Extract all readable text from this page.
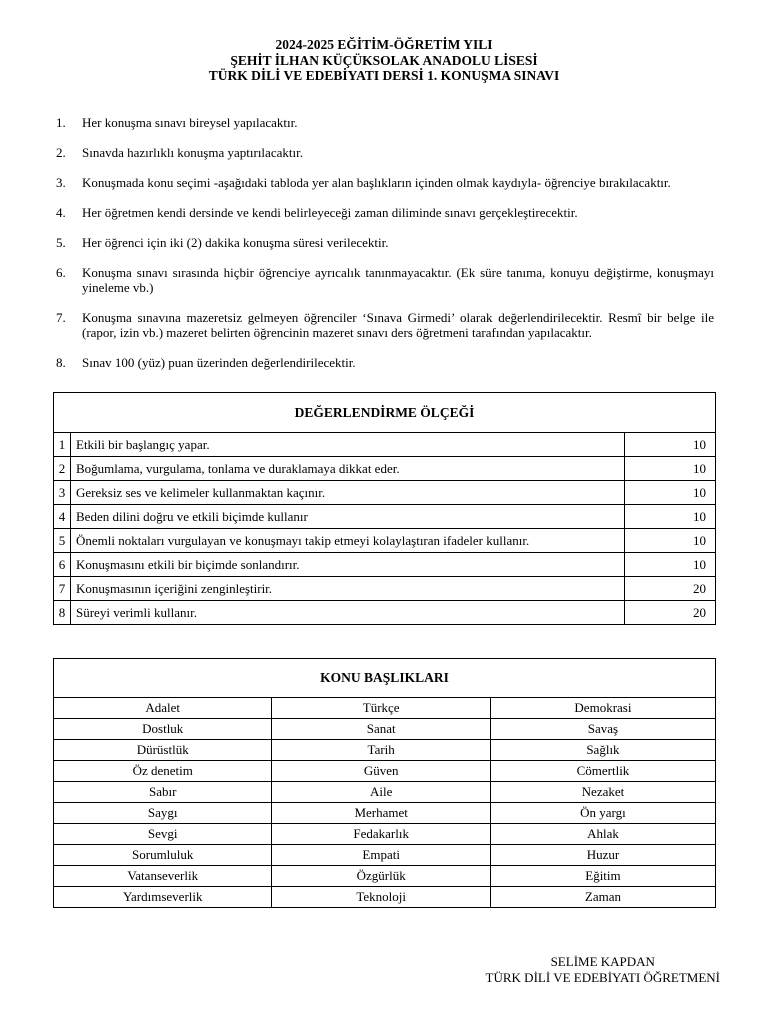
2024-2025 EĞİTİM-ÖĞRETİM YILI
ŞEHİT İLHAN KÜÇÜKSOLAK ANADOLU LİSESİ
TÜRK DİLİ VE EDEBİYATI DERSİ 1. KONUŞMA SINAVI
1.	Her konuşma sınavı bireysel yapılacaktır.
2.	Sınavda hazırlıklı konuşma yaptırılacaktır.
3.	Konuşmada konu seçimi -aşağıdaki tabloda yer alan başlıkların içinden olmak kaydıyla- öğrenciye bırakılacaktır.
4.	Her öğretmen kendi dersinde ve kendi belirleyeceği zaman diliminde sınavı gerçekleştirecektir.
5.	Her öğrenci için iki (2) dakika konuşma süresi verilecektir.
6.	Konuşma sınavı sırasında hiçbir öğrenciye ayrıcalık tanınmayacaktır. (Ek süre tanıma, konuyu değiştirme, konuşmayı yineleme vb.)
7.	Konuşma sınavına mazeretsiz gelmeyen öğrenciler ‘Sınava Girmedi’ olarak değerlendirilecektir. Resmî bir belge ile (rapor, izin vb.) mazeret belirten öğrencinin mazeret sınavı ders öğretmeni tarafından yapılacaktır.
8.	Sınav 100 (yüz) puan üzerinden değerlendirilecektir.
DEĞERLENDİRME ÖLÇEĞİ		
1	Etkili bir başlangıç yapar.	10
2	Boğumlama, vurgulama, tonlama ve duraklamaya dikkat eder.	10
3	Gereksiz ses ve kelimeler kullanmaktan kaçınır.	10
4	Beden dilini doğru ve etkili biçimde kullanır	10
5	Önemli noktaları vurgulayan ve konuşmayı takip etmeyi kolaylaştıran ifadeler kullanır.	10
6	Konuşmasını etkili bir biçimde sonlandırır.	10
7	Konuşmasının içeriğini zenginleştirir.	20
8	Süreyi verimli kullanır.	20
KONU BAŞLIKLARI		
Adalet	Türkçe	Demokrasi
Dostluk	Sanat	Savaş
Dürüstlük	Tarih	Sağlık
Öz denetim	Güven	Cömertlik
Sabır	Aile	Nezaket
Saygı	Merhamet	Ön yargı
Sevgi	Fedakarlık	Ahlak
Sorumluluk	Empati	Huzur
Vatanseverlik	Özgürlük	Eğitim
Yardımseverlik	Teknoloji	Zaman
SELİME KAPDAN
TÜRK DİLİ VE EDEBİYATI ÖĞRETMENİ
